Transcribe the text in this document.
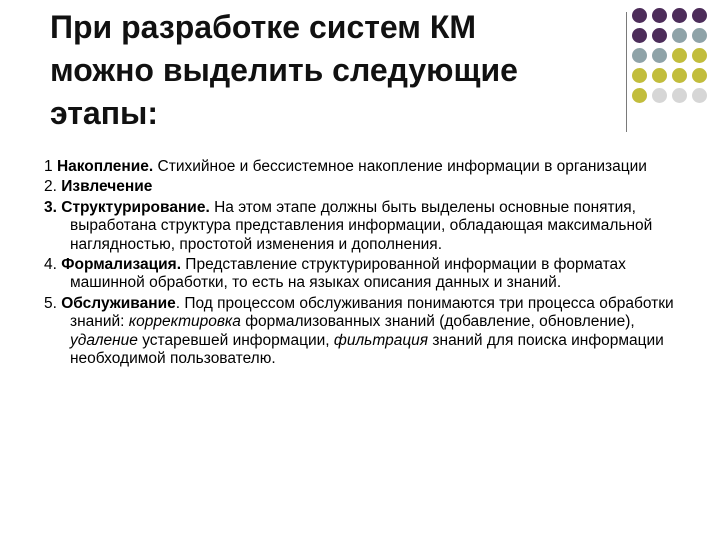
При разработке систем КМ
можно выделить следующие
этапы:

1 Накопление. Стихийное и бессистемное накопление информации в организации

2. Извлечение

3. Структурирование. На этом этапе должны быть выделены основные понятия, выработана структура представления информации, обладающая максимальной наглядностью, простотой изменения и дополнения.

4. Формализация. Представление структурированной информации в форматах машинной обработки, то есть на языках описания данных и знаний.

5. Обслуживание. Под процессом обслуживания понимаются три процесса обработки знаний: корректировка формализованных знаний (добавление, обновление), удаление устаревшей информации, фильтрация знаний для поиска информации необходимой пользователю.
